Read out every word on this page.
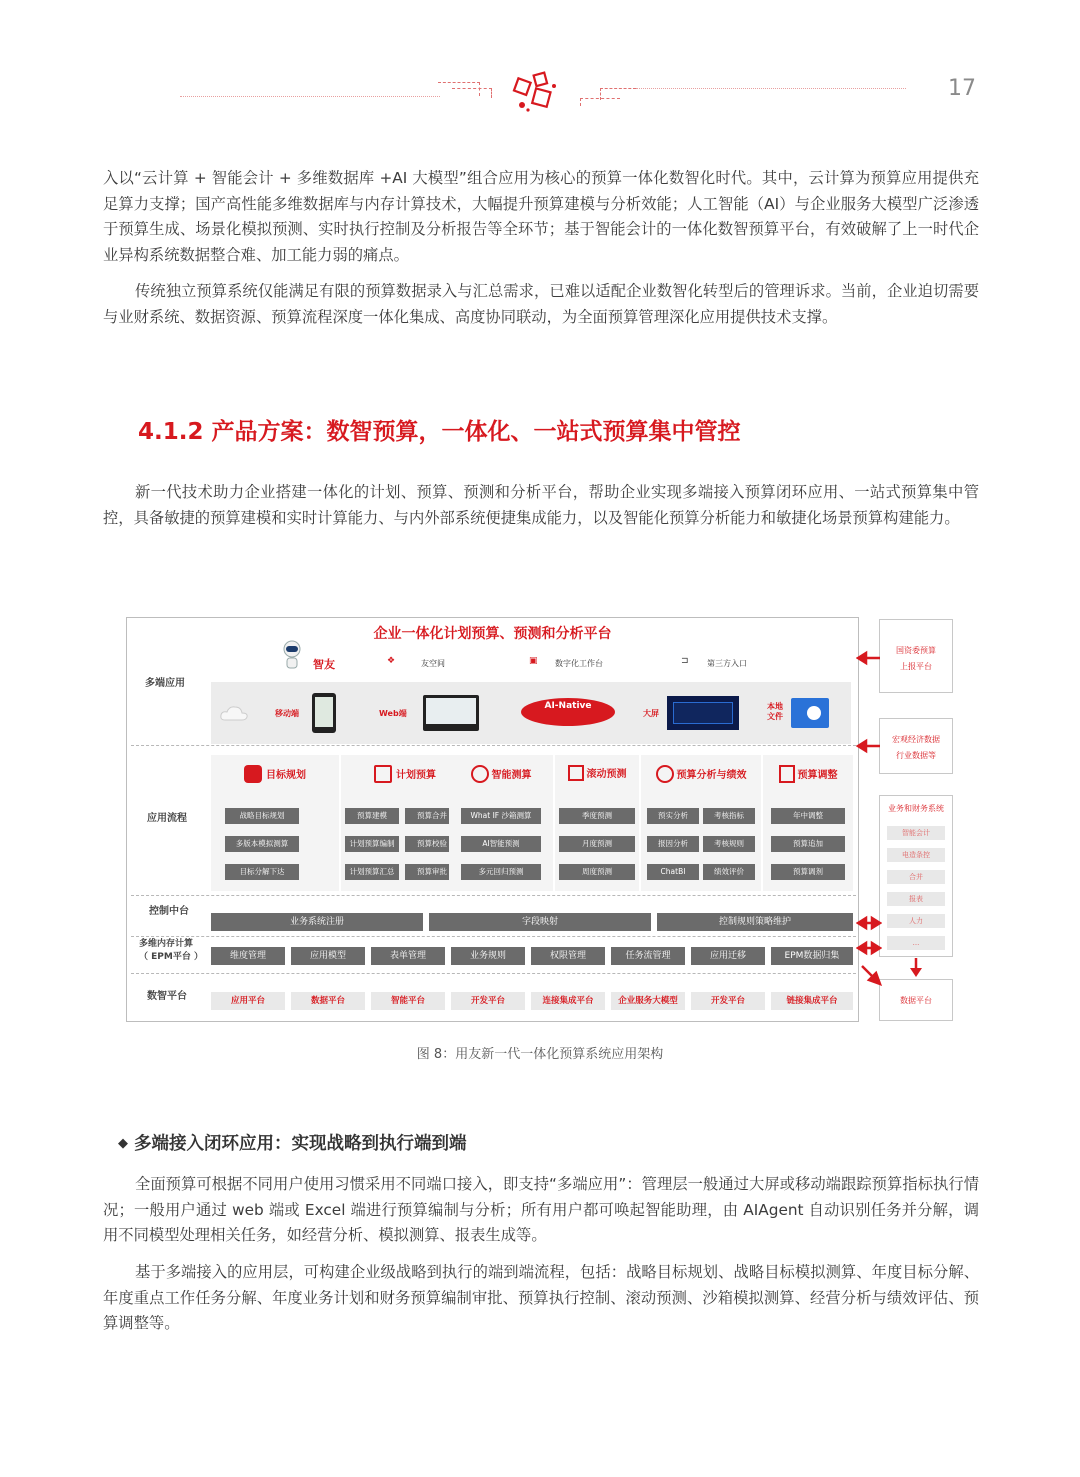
17

入以“云计算 + 智能会计 + 多维数据库 +AI 大模型”组合应用为核心的预算一体化数智化时代。其中，云计算为预算应用提供充足算力支撑；国产高性能多维数据库与内存计算技术，大幅提升预算建模与分析效能；人工智能（AI）与企业服务大模型广泛渗透于预算生成、场景化模拟预测、实时执行控制及分析报告等全环节；基于智能会计的一体化数智预算平台，有效破解了上一时代企业异构系统数据整合难、加工能力弱的痛点。

传统独立预算系统仅能满足有限的预算数据录入与汇总需求，已难以适配企业数智化转型后的管理诉求。当前，企业迫切需要与业财系统、数据资源、预算流程深度一体化集成、高度协同联动，为全面预算管理深化应用提供技术支撑。

4.1.2 产品方案：数智预算，一体化、一站式预算集中管控

新一代技术助力企业搭建一体化的计划、预算、预测和分析平台，帮助企业实现多端接入预算闭环应用、一站式预算集中管控，具备敏捷的预算建模和实时计算能力、与内外部系统便捷集成能力，以及智能化预算分析能力和敏捷化场景预算构建能力。

企业一体化计划预算、预测和分析平台
多端应用
应用流程
控制中台
多维内存计算
（ EPM平台 ）
数智平台
智友	❖	友空间	▣ 数字化工作台	⊐ 第三方入口
移动端	Web端
AI-Native
大屏
本地文件
目标规划
战略目标规划
多版本模拟测算
目标分解下达
计划预算
预算建模	预算合并
计划预算编制	预算校验
计划预算汇总	预算审批
智能测算
What IF 沙箱测算
AI智能预测
多元回归预测
滚动预测
季度预测
月度预测
周度预测
预算分析与绩效
预实分析	考核指标
报因分析	考核规则
ChatBI	绩效评价
预算调整
年中调整
预算追加
预算调剂
业务系统注册	字段映射	控制规则策略维护
维度管理	应用模型	表单管理	业务规则	权限管理	任务流管理	应用迁移	EPM数据归集
应用平台	数据平台	智能平台	开发平台	连接集成平台	企业服务大模型	开发平台	链接集成平台
国资委预算
上报平台
宏观经济数据
行业数据等
业务和财务系统
智能会计
电造条控
合并
报表
人力
...
数据平台
图 8：用友新一代一体化预算系统应用架构
◆ 多端接入闭环应用：实现战略到执行端到端

全面预算可根据不同用户使用习惯采用不同端口接入，即支持“多端应用”：管理层一般通过大屏或移动端跟踪预算指标执行情况；一般用户通过 web 端或 Excel 端进行预算编制与分析；所有用户都可唤起智能助理，由 AIAgent 自动识别任务并分解，调用不同模型处理相关任务，如经营分析、模拟测算、报表生成等。

基于多端接入的应用层，可构建企业级战略到执行的端到端流程，包括：战略目标规划、战略目标模拟测算、年度目标分解、年度重点工作任务分解、年度业务计划和财务预算编制审批、预算执行控制、滚动预测、沙箱模拟测算、经营分析与绩效评估、预算调整等。
